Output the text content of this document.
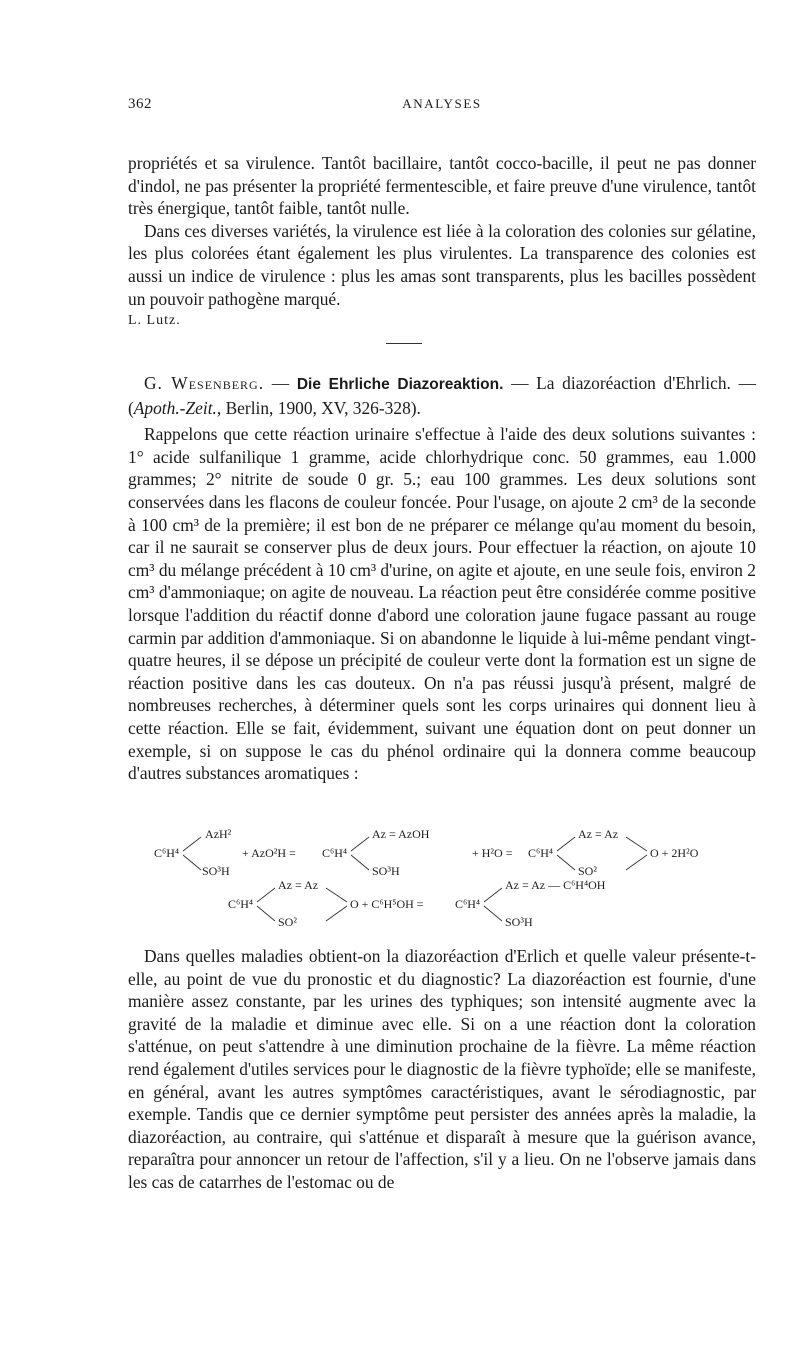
362	ANALYSES

propriétés et sa virulence. Tantôt bacillaire, tantôt cocco-bacille, il peut ne pas donner d'indol, ne pas présenter la propriété fermentescible, et faire preuve d'une virulence, tantôt très énergique, tantôt faible, tantôt nulle.

Dans ces diverses variétés, la virulence est liée à la coloration des colonies sur gélatine, les plus colorées étant également les plus virulentes. La transparence des colonies est aussi un indice de virulence : plus les amas sont transparents, plus les bacilles possèdent un pouvoir pathogène marqué.

L. Lutz.

G. Wesenberg. — Die Ehrliche Diazoreaktion. — La diazoréaction d'Ehrlich. — (Apoth.-Zeit., Berlin, 1900, XV, 326-328).

Rappelons que cette réaction urinaire s'effectue à l'aide des deux solutions suivantes : 1° acide sulfanilique 1 gramme, acide chlorhydrique conc. 50 grammes, eau 1.000 grammes; 2° nitrite de soude 0 gr. 5.; eau 100 grammes. Les deux solutions sont conservées dans les flacons de couleur foncée. Pour l'usage, on ajoute 2 cm³ de la seconde à 100 cm³ de la première; il est bon de ne préparer ce mélange qu'au moment du besoin, car il ne saurait se conserver plus de deux jours. Pour effectuer la réaction, on ajoute 10 cm³ du mélange précédent à 10 cm³ d'urine, on agite et ajoute, en une seule fois, environ 2 cm³ d'ammoniaque; on agite de nouveau. La réaction peut être considérée comme positive lorsque l'addition du réactif donne d'abord une coloration jaune fugace passant au rouge carmin par addition d'ammoniaque. Si on abandonne le liquide à lui-même pendant vingt-quatre heures, il se dépose un précipité de couleur verte dont la formation est un signe de réaction positive dans les cas douteux. On n'a pas réussi jusqu'à présent, malgré de nombreuses recherches, à déterminer quels sont les corps urinaires qui donnent lieu à cette réaction. Elle se fait, évidemment, suivant une équation dont on peut donner un exemple, si on suppose le cas du phénol ordinaire qui la donnera comme beaucoup d'autres substances aromatiques :

AzH²
C⁶H⁴
SO³H
+ AzO²H = C⁶H⁴
Az = AzOH
SO³H
+ H²O = C⁶H⁴
Az = Az
SO²
O + 2H²O
C⁶H⁴
Az = Az
SO²
O + C⁶H⁵OH =	C⁶H⁴
Az = Az — C⁶H⁴OH
SO³H

Dans quelles maladies obtient-on la diazoréaction d'Erlich et quelle valeur présente-t-elle, au point de vue du pronostic et du diagnostic? La diazoréaction est fournie, d'une manière assez constante, par les urines des typhiques; son intensité augmente avec la gravité de la maladie et diminue avec elle. Si on a une réaction dont la coloration s'atténue, on peut s'attendre à une diminution prochaine de la fièvre. La même réaction rend également d'utiles services pour le diagnostic de la fièvre typhoïde; elle se manifeste, en général, avant les autres symptômes caractéristiques, avant le sérodiagnostic, par exemple. Tandis que ce dernier symptôme peut persister des années après la maladie, la diazoréaction, au contraire, qui s'atténue et disparaît à mesure que la guérison avance, reparaîtra pour annoncer un retour de l'affection, s'il y a lieu. On ne l'observe jamais dans les cas de catarrhes de l'estomac ou de
